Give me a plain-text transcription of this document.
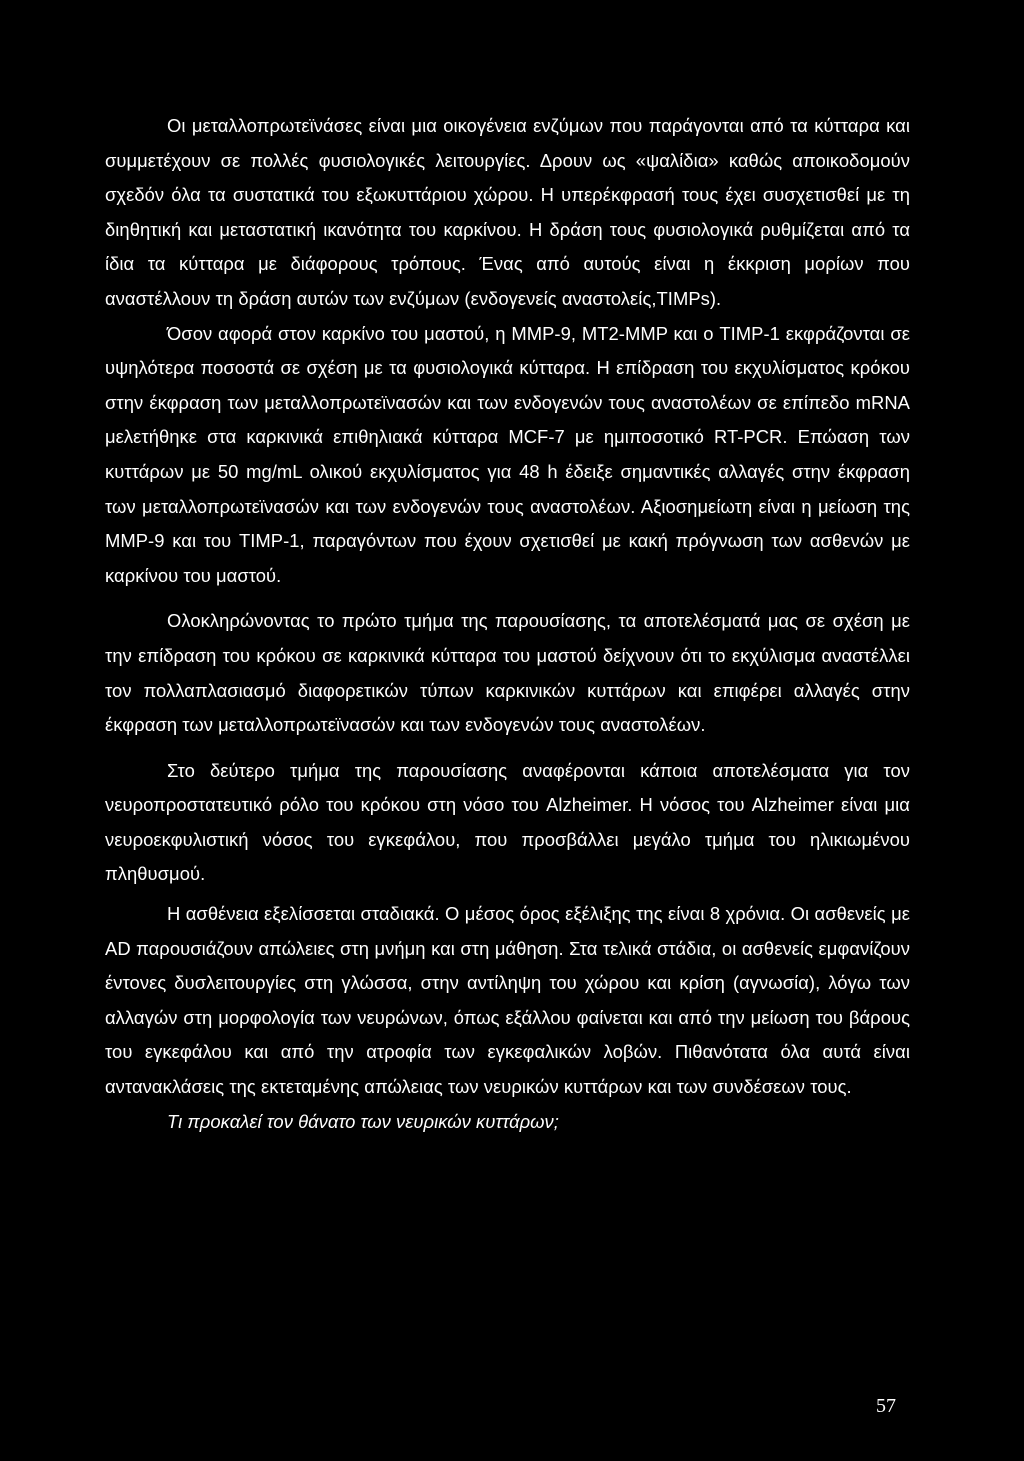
Οι μεταλλοπρωτεϊνάσες είναι μια οικογένεια ενζύμων που παράγονται από τα κύτταρα και συμμετέχουν σε πολλές φυσιολογικές λειτουργίες. Δρουν ως «ψαλίδια» καθώς αποικοδομούν σχεδόν όλα τα συστατικά του εξωκυττάριου χώρου. Η υπερέκφρασή τους έχει συσχετισθεί με τη διηθητική και μεταστατική ικανότητα του καρκίνου. Η δράση τους φυσιολογικά ρυθμίζεται από τα ίδια τα κύτταρα με διάφορους τρόπους. Ένας από αυτούς είναι η έκκριση μορίων που αναστέλλουν τη δράση αυτών των ενζύμων (ενδογενείς αναστολείς,TIMPs).

Όσον αφορά στον καρκίνο του μαστού, η MMP-9, MT2-MMP και ο TIMP-1 εκφράζονται σε υψηλότερα ποσοστά σε σχέση με τα φυσιολογικά κύτταρα. Η επίδραση του εκχυλίσματος κρόκου στην έκφραση των μεταλλοπρωτεϊνασών και των ενδογενών τους αναστολέων σε επίπεδο mRNA μελετήθηκε στα καρκινικά επιθηλιακά κύτταρα MCF-7 με ημιποσοτικό RT-PCR. Επώαση των κυττάρων με 50 mg/mL ολικού εκχυλίσματος για 48 h έδειξε σημαντικές αλλαγές στην έκφραση των μεταλλοπρωτεϊνασών και των ενδογενών τους αναστολέων. Αξιοσημείωτη είναι η μείωση της MMP-9 και του TIMP-1, παραγόντων που έχουν σχετισθεί με κακή πρόγνωση των ασθενών με καρκίνου του μαστού.

Ολοκληρώνοντας το πρώτο τμήμα της παρουσίασης, τα αποτελέσματά μας σε σχέση με την επίδραση του κρόκου σε καρκινικά κύτταρα του μαστού δείχνουν ότι το εκχύλισμα αναστέλλει τον πολλαπλασιασμό διαφορετικών τύπων καρκινικών κυττάρων και επιφέρει αλλαγές στην έκφραση των μεταλλοπρωτεϊνασών και των ενδογενών τους αναστολέων.

Στο δεύτερο τμήμα της παρουσίασης αναφέρονται κάποια αποτελέσματα για τον νευροπροστατευτικό ρόλο του κρόκου στη νόσο του Alzheimer. Η νόσος του Alzheimer είναι μια νευροεκφυλιστική νόσος του εγκεφάλου, που προσβάλλει μεγάλο τμήμα του ηλικιωμένου πληθυσμού.

Η ασθένεια εξελίσσεται σταδιακά. Ο μέσος όρος εξέλιξης της είναι 8 χρόνια. Οι ασθενείς με AD παρουσιάζουν απώλειες στη μνήμη και στη μάθηση. Στα τελικά στάδια, οι ασθενείς εμφανίζουν έντονες δυσλειτουργίες στη γλώσσα, στην αντίληψη του χώρου και κρίση (αγνωσία), λόγω των αλλαγών στη μορφολογία των νευρώνων, όπως εξάλλου φαίνεται και από την μείωση του βάρους του εγκεφάλου και από την ατροφία των εγκεφαλικών λοβών. Πιθανότατα όλα αυτά είναι αντανακλάσεις της εκτεταμένης απώλειας των νευρικών κυττάρων και των συνδέσεων τους.

Τι προκαλεί τον θάνατο των νευρικών κυττάρων;

57
